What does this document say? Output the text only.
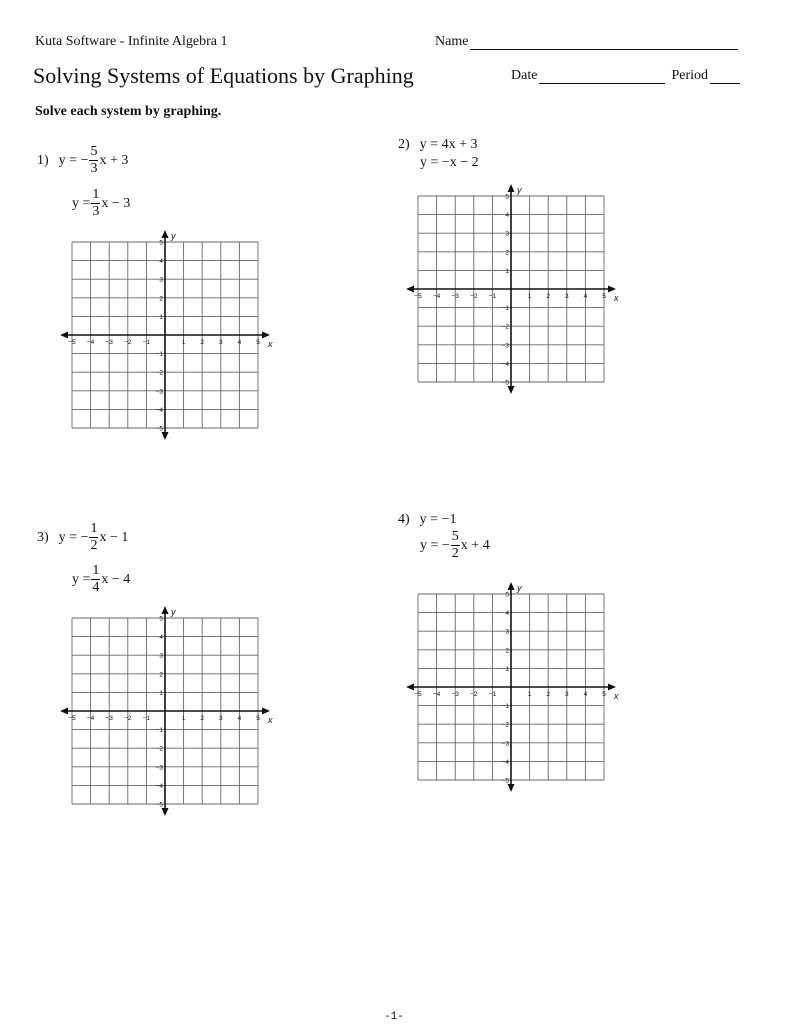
Kuta Software - Infinite Algebra 1
Solving Systems of Equations by Graphing
Name
Date	Period
Solve each system by graphing.
1) y = − $\frac{5}{3}$ x + 3
$y = \frac{1}{3}$ x − 3
2) y = 4x + 3
y = −x − 2
3) y = − $\frac{1}{2}$ x − 1
$y = \frac{1}{4}$ x − 4
4) y = −1
y = − $\frac{5}{2}$ x + 4
x
y
−5 −4 −3 −2 −1	1 2 3 4 5
5
4
3
2
1
−1
−2
−3
−4
−5
x
y
−5 −4 −3 −2 −1	1 2 3 4 5
5
4
3
2
1
−1
−2
−3
−4
−5
x
y
−5 −4 −3 −2 −1	1 2 3 4 5
5
4
3
2
1
−1
−2
−3
−4
−5
x
y
−5 −4 −3 −2 −1	1 2 3 4 5
5
4
3
2
1
−1
−2
−3
−4
−5
-1-
